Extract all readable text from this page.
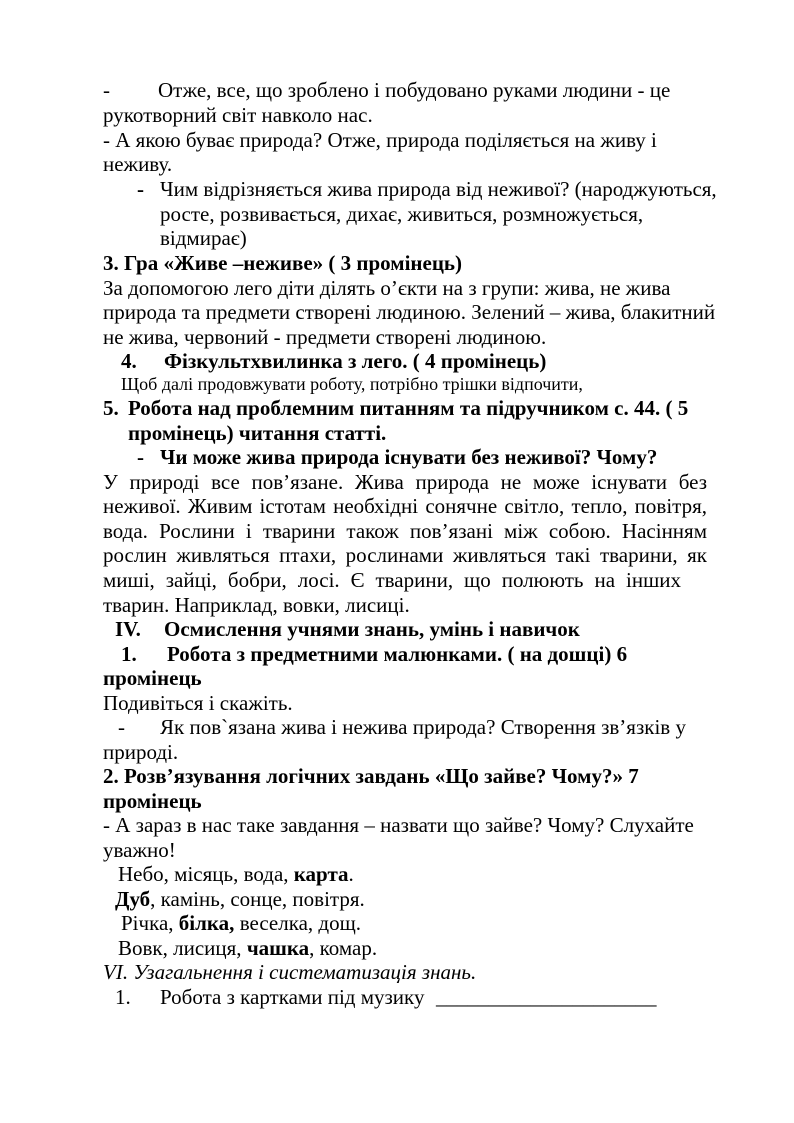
- Отже, все, що зроблено і побудовано руками людини - це
рукотворний світ навколо нас.
- А якою буває природа? Отже, природа поділяється на живу і
неживу.
- Чим відрізняється жива природа від неживої? (народжуються,
росте, розвивається, дихає, живиться, розмножується,
відмирає)
3. Гра «Живе –неживе» ( 3 промінець)
За допомогою лего діти ділять о’єкти на з групи: жива, не жива
природа та предмети створені людиною. Зелений – жива, блакитний
не жива, червоний - предмети створені людиною.
4. Фізкультхвилинка з лего. ( 4 промінець)
Щоб далі продовжувати роботу, потрібно трішки відпочити,
5. Робота над проблемним питанням та підручником с. 44. ( 5
промінець) читання статті.
- Чи може жива природа існувати без неживої? Чому?
У природі все пов’язане. Жива природа не може існувати без
неживої. Живим істотам необхідні сонячне світло, тепло, повітря,
вода. Рослини і тварини також пов’язані між собою. Насінням
рослин живляться птахи, рослинами живляться такі тварини, як
миші, зайці, бобри, лосі. Є тварини, що полюють на інших
тварин. Наприклад, вовки, лисиці.
IV. Осмислення учнями знань, умінь і навичок
1. Робота з предметними малюнками. ( на дошці) 6
промінець
Подивіться і скажіть.
- Як пов`язана жива і нежива природа? Створення зв’язків у
природі.
2. Розв’язування логічних завдань «Що зайве? Чому?» 7
промінець
- А зараз в нас таке завдання – назвати що зайве? Чому? Слухайте
уважно!
Небо, місяць, вода, карта.
Дуб, камінь, сонце, повітря.
Річка, білка, веселка, дощ.
Вовк, лисиця, чашка, комар.
VI. Узагальнення і систематизація знань.
1. Робота з картками під музику _____________________
